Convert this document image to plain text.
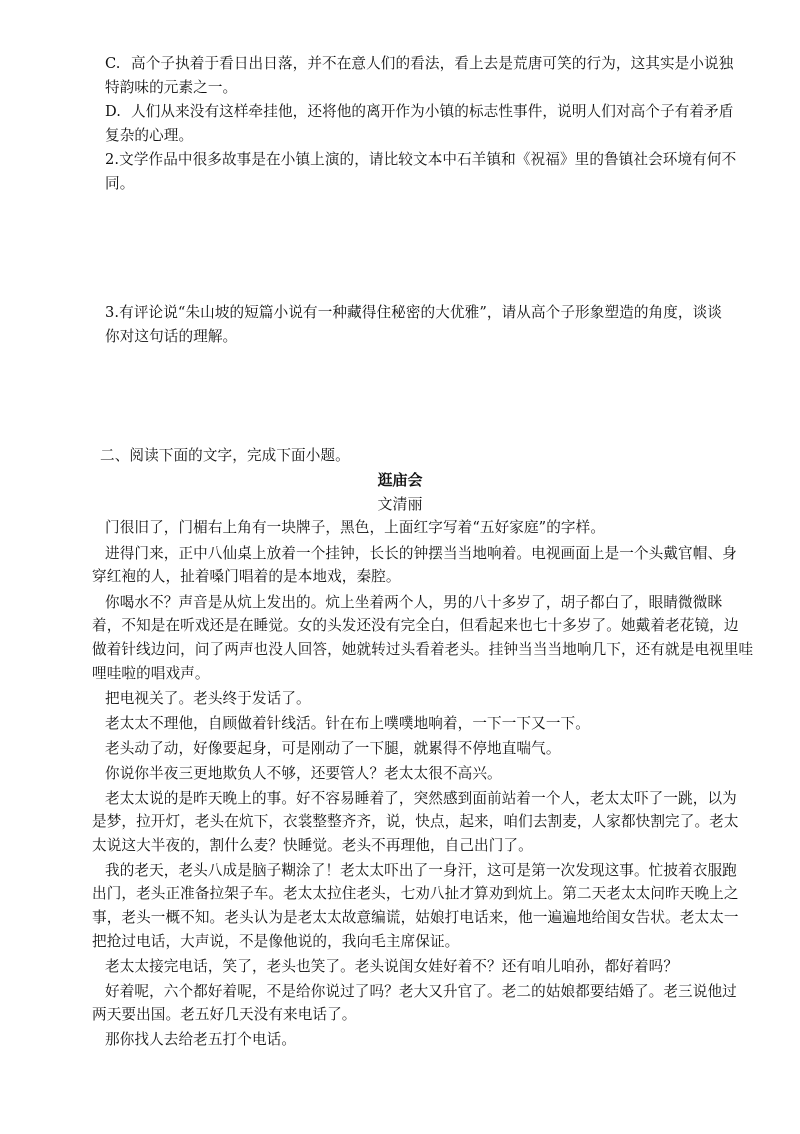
C. 高个子执着于看日出日落，并不在意人们的看法，看上去是荒唐可笑的行为，这其实是小说独
特韵味的元素之一。
D. 人们从来没有这样牵挂他，还将他的离开作为小镇的标志性事件，说明人们对高个子有着矛盾
复杂的心理。
2.文学作品中很多故事是在小镇上演的，请比较文本中石羊镇和《祝福》里的鲁镇社会环境有何不
同。
3.有评论说“朱山坡的短篇小说有一种藏得住秘密的大优雅”，请从高个子形象塑造的角度，谈谈
你对这句话的理解。
二、阅读下面的文字，完成下面小题。
逛庙会
文清丽
门很旧了，门楣右上角有一块牌子，黑色，上面红字写着“五好家庭”的字样。
进得门来，正中八仙桌上放着一个挂钟，长长的钟摆当当地响着。电视画面上是一个头戴官帽、身
穿红袍的人，扯着嗓门唱着的是本地戏，秦腔。
你喝水不？声音是从炕上发出的。炕上坐着两个人，男的八十多岁了，胡子都白了，眼睛微微眯
着，不知是在听戏还是在睡觉。女的头发还没有完全白，但看起来也七十多岁了。她戴着老花镜，边
做着针线边问，问了两声也没人回答，她就转过头看着老头。挂钟当当当地响几下，还有就是电视里哇
哩哇啦的唱戏声。
把电视关了。老头终于发话了。
老太太不理他，自顾做着针线活。针在布上噗噗地响着，一下一下又一下。
老头动了动，好像要起身，可是刚动了一下腿，就累得不停地直喘气。
你说你半夜三更地欺负人不够，还要管人？老太太很不高兴。
老太太说的是昨天晚上的事。好不容易睡着了，突然感到面前站着一个人，老太太吓了一跳，以为
是梦，拉开灯，老头在炕下，衣裳整整齐齐，说，快点，起来，咱们去割麦，人家都快割完了。老太
太说这大半夜的，割什么麦？快睡觉。老头不再理他，自己出门了。
我的老天，老头八成是脑子糊涂了！老太太吓出了一身汗，这可是第一次发现这事。忙披着衣服跑
出门，老头正准备拉架子车。老太太拉住老头，七劝八扯才算劝到炕上。第二天老太太问昨天晚上之
事，老头一概不知。老头认为是老太太故意编谎，姑娘打电话来，他一遍遍地给闺女告状。老太太一
把抢过电话，大声说，不是像他说的，我向毛主席保证。
老太太接完电话，笑了，老头也笑了。老头说闺女娃好着不？还有咱儿咱孙，都好着吗？
好着呢，六个都好着呢，不是给你说过了吗？老大又升官了。老二的姑娘都要结婚了。老三说他过
两天要出国。老五好几天没有来电话了。
那你找人去给老五打个电话。
